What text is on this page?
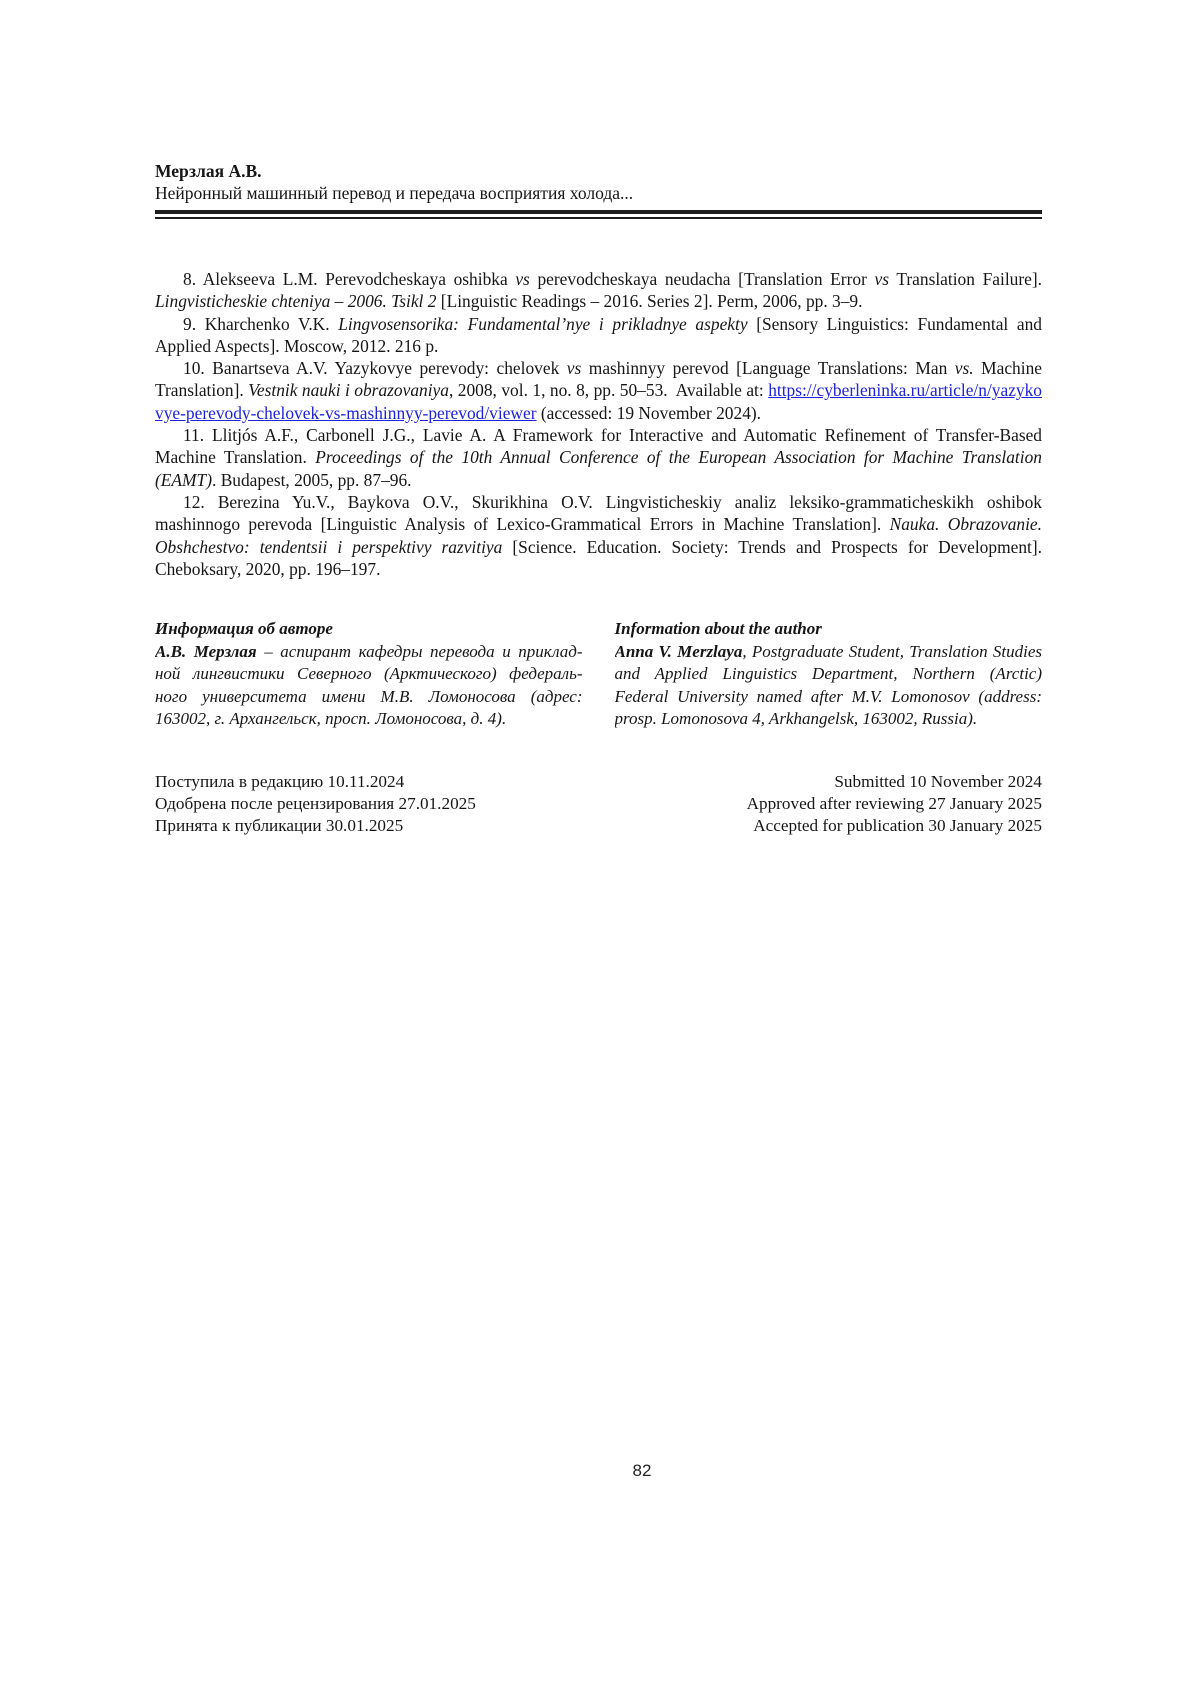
Мерзлая А.В.
Нейронный машинный перевод и передача восприятия холода...

8. Alekseeva L.M. Perevodcheskaya oshibka vs perevodcheskaya neudacha [Translation Error vs Translation Failure]. Lingvisticheskie chteniya – 2006. Tsikl 2 [Linguistic Readings – 2016. Series 2]. Perm, 2006, pp. 3–9.

9. Kharchenko V.K. Lingvosensorika: Fundamental’nye i prikladnye aspekty [Sensory Linguistics: Fundamental and Applied Aspects]. Moscow, 2012. 216 p.

10. Banartseva A.V. Yazykovye perevody: chelovek vs mashinnyy perevod [Language Translations: Man vs. Machine Translation]. Vestnik nauki i obrazovaniya, 2008, vol. 1, no. 8, pp. 50–53.  Available at: https://cyberleninka.ru/article/n/yazykovye-perevody-chelovek-vs-mashinnyy-perevod/viewer (accessed: 19 November 2024).

11. Llitjós A.F., Carbonell J.G., Lavie A. A Framework for Interactive and Automatic Refinement of Transfer-Based Machine Translation. Proceedings of the 10th Annual Conference of the European Association for Machine Translation (EAMT). Budapest, 2005, pp. 87–96.

12. Berezina Yu.V., Baykova O.V., Skurikhina O.V. Lingvisticheskiy analiz leksiko-grammaticheskikh oshibok mashinnogo perevoda [Linguistic Analysis of Lexico-Grammatical Errors in Machine Translation]. Nauka. Obrazovanie. Obshchestvo: tendentsii i perspektivy razvitiya [Science. Education. Society: Trends and Prospects for Development]. Cheboksary, 2020, pp. 196–197.

Информация об авторе
А.В. Мерзлая – аспирант кафедры перевода и приклад-
ной лингвистики Северного (Арктического) федераль-
ного университета имени М.В. Ломоносова (адрес:
163002, г. Архангельск, просп. Ломоносова, д. 4).
Information about the author
Anna V. Merzlaya, Postgraduate Student, Translation Studies
and Applied Linguistics Department, Northern (Arctic)
Federal University named after M.V. Lomonosov (address:
prosp. Lomonosova 4, Arkhangelsk, 163002, Russia).
Поступила в редакцию 10.11.2024
Одобрена после рецензирования 27.01.2025
Принята к публикации 30.01.2025
Submitted 10 November 2024
Approved after reviewing 27 January 2025
Accepted for publication 30 January 2025
82
